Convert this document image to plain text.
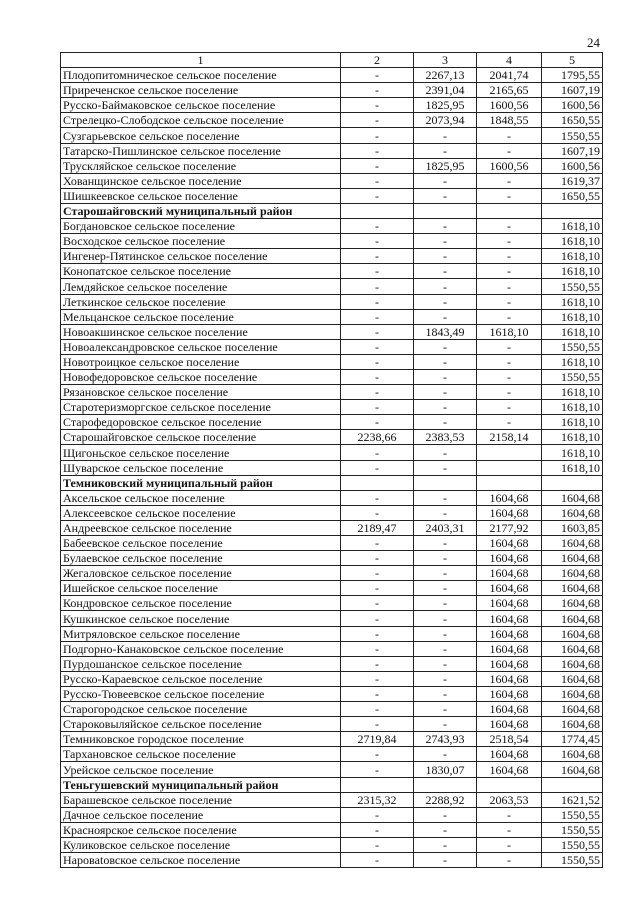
24
1	2	3	4	5
Плодопитомническое сельское поселение	-	2267,13	2041,74	1795,55
Приреченское сельское поселение	-	2391,04	2165,65	1607,19
Русско-Баймаковское сельское поселение	-	1825,95	1600,56	1600,56
Стрелецко-Слободское сельское поселение	-	2073,94	1848,55	1650,55
Сузгарьевское сельское поселение	-	-	-	1550,55
Татарско-Пишлинское сельское поселение	-	-	-	1607,19
Трускляйское сельское поселение	-	1825,95	1600,56	1600,56
Хованщинское сельское поселение	-	-	-	1619,37
Шишкеевское сельское поселение	-	-	-	1650,55
Старошайговский муниципальный район				
Богдановское сельское поселение	-	-	-	1618,10
Восходское сельское поселение	-	-	-	1618,10
Ингенер-Пятинское сельское поселение	-	-	-	1618,10
Конопатское сельское поселение	-	-	-	1618,10
Лемдяйское сельское поселение	-	-	-	1550,55
Леткинское сельское поселение	-	-	-	1618,10
Мельцанское сельское поселение	-	-	-	1618,10
Новоакшинское сельское поселение	-	1843,49	1618,10	1618,10
Новоалександровское сельское поселение	-	-	-	1550,55
Новотроицкое сельское поселение	-	-	-	1618,10
Новофедоровское сельское поселение	-	-	-	1550,55
Рязановское сельское поселение	-	-	-	1618,10
Старотеризморгское сельское поселение	-	-	-	1618,10
Старофедоровское сельское поселение	-	-	-	1618,10
Старошайговское сельское поселение	2238,66	2383,53	2158,14	1618,10
Щигоньское сельское поселение	-	-		1618,10
Шуварское сельское поселение	-	-		1618,10
Темниковский муниципальный район				
Аксельское сельское поселение	-	-	1604,68	1604,68
Алексеевское сельское поселение	-	-	1604,68	1604,68
Андреевское сельское поселение	2189,47	2403,31	2177,92	1603,85
Бабеевское сельское поселение	-	-	1604,68	1604,68
Булаевское сельское поселение	-	-	1604,68	1604,68
Жегаловское сельское поселение	-	-	1604,68	1604,68
Ишейское сельское поселение	-	-	1604,68	1604,68
Кондровское сельское поселение	-	-	1604,68	1604,68
Кушкинское сельское поселение	-	-	1604,68	1604,68
Митряловское сельское поселение	-	-	1604,68	1604,68
Подгорно-Канаковское сельское поселение	-	-	1604,68	1604,68
Пурдошанское сельское поселение	-	-	1604,68	1604,68
Русско-Караевское сельское поселение	-	-	1604,68	1604,68
Русско-Тювеевское сельское поселение	-	-	1604,68	1604,68
Старогородское сельское поселение	-	-	1604,68	1604,68
Староковыляйское сельское поселение	-	-	1604,68	1604,68
Темниковское городское поселение	2719,84	2743,93	2518,54	1774,45
Тархановское сельское поселение	-	-	1604,68	1604,68
Урейское сельское поселение	-	1830,07	1604,68	1604,68
Теньгушевский муниципальный район				
Барашевское сельское поселение	2315,32	2288,92	2063,53	1621,52
Дачное сельское поселение	-	-	-	1550,55
Красноярское сельское поселение	-	-	-	1550,55
Куликовское сельское поселение	-	-	-	1550,55
Наровatовское сельское поселение	-	-	-	1550,55
